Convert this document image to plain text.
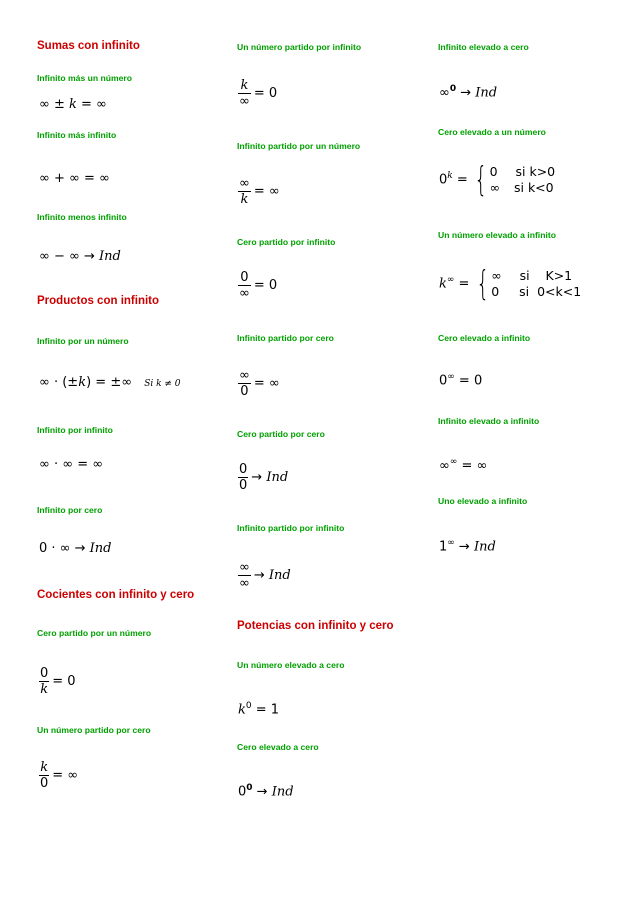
Sumas con infinito
Infinito más un número
∞ ± k = ∞
Infinito más infinito
∞ + ∞ = ∞
Infinito menos infinito
∞ − ∞ → Ind
Productos con infinito
Infinito por un número
∞ · (±k) = ±∞ Si k ≠ 0
Infinito por infinito
∞ · ∞ = ∞
Infinito por cero
0 · ∞ → Ind
Cocientes con infinito y cero
Cero partido por un número
$\frac{0}{k} = 0$
Un número partido por cero
$\frac{k}{0}$ = ∞
Un número partido por infinito
$\frac{k}{\infty} = 0$
Infinito partido por un número
$\frac{\infty}{k}$ = ∞
Cero partido por infinito
$\frac{0}{\infty} = 0$
Infinito partido por cero
$\frac{\infty}{0}$ = ∞
Cero partido por cero
$\frac{0}{0}$ → Ind
Infinito partido por infinito
$\frac{\infty}{\infty}$ → Ind
Potencias con infinito y cero
Un número elevado a cero
$k^0 = 1$
Cero elevado a cero
$0^0$ → Ind
Infinito elevado a cero
∞$^0$ → Ind
Cero elevado a un número
$0^k$ = { 0 si k>0
∞ si k<0
Un número elevado a infinito
k∞ = { ∞ si    K>1
0 si  0<k<1
Cero elevado a infinito
0∞ = 0
Infinito elevado a infinito
∞∞ = ∞
Uno elevado a infinito
1∞ → Ind
